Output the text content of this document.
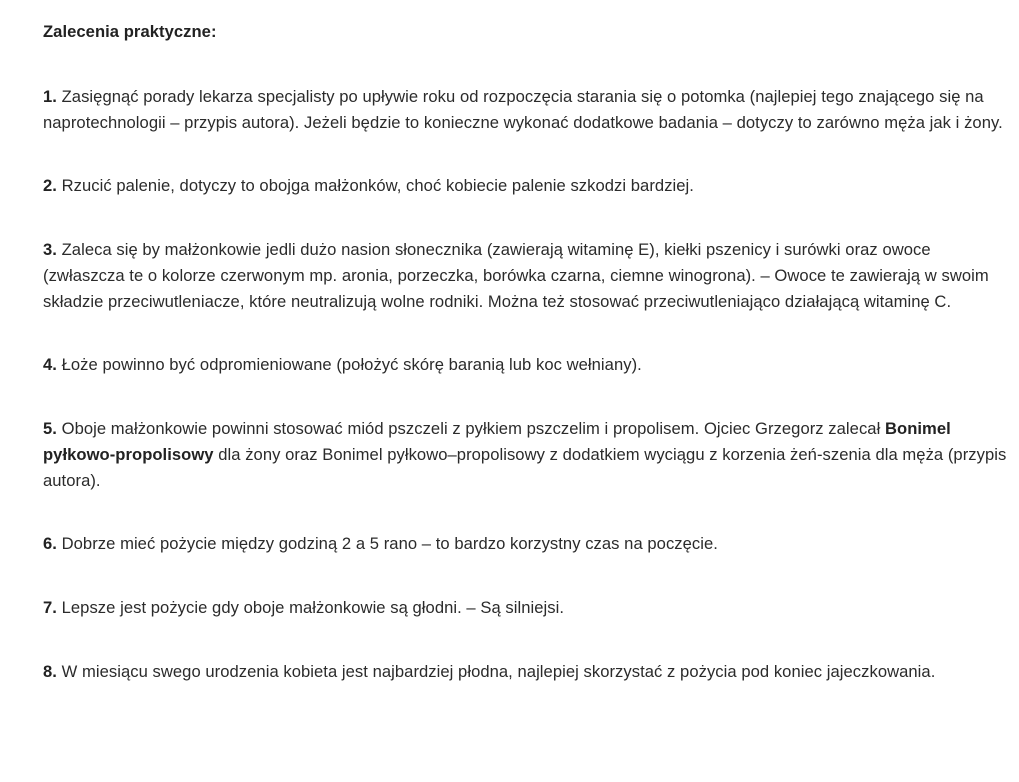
Zalecenia praktyczne:

1. Zasięgnąć porady lekarza specjalisty po upływie roku od rozpoczęcia starania się o potomka (najlepiej tego znającego się na naprotechnologii – przypis autora). Jeżeli będzie to konieczne wykonać dodatkowe badania – dotyczy to zarówno męża jak i żony.

2. Rzucić palenie, dotyczy to obojga małżonków, choć kobiecie palenie szkodzi bardziej.

3. Zaleca się by małżonkowie jedli dużo nasion słonecznika (zawierają witaminę E), kiełki pszenicy i surówki oraz owoce (zwłaszcza te o kolorze czerwonym mp. aronia, porzeczka, borówka czarna, ciemne winogrona). – Owoce te zawierają w swoim składzie przeciwutleniacze, które neutralizują wolne rodniki. Można też stosować przeciwutleniająco działającą witaminę C.

4. Łoże powinno być odpromieniowane (położyć skórę baranią lub koc wełniany).

5. Oboje małżonkowie powinni stosować miód pszczeli z pyłkiem pszczelim i propolisem. Ojciec Grzegorz zalecał Bonimel pyłkowo-propolisowy dla żony oraz Bonimel pyłkowo–propolisowy z dodatkiem wyciągu z korzenia żeń-szenia dla męża (przypis autora).

6. Dobrze mieć pożycie między godziną 2 a 5 rano – to bardzo korzystny czas na poczęcie.

7. Lepsze jest pożycie gdy oboje małżonkowie są głodni. – Są silniejsi.

8. W miesiącu swego urodzenia kobieta jest najbardziej płodna, najlepiej skorzystać z pożycia pod koniec jajeczkowania.
